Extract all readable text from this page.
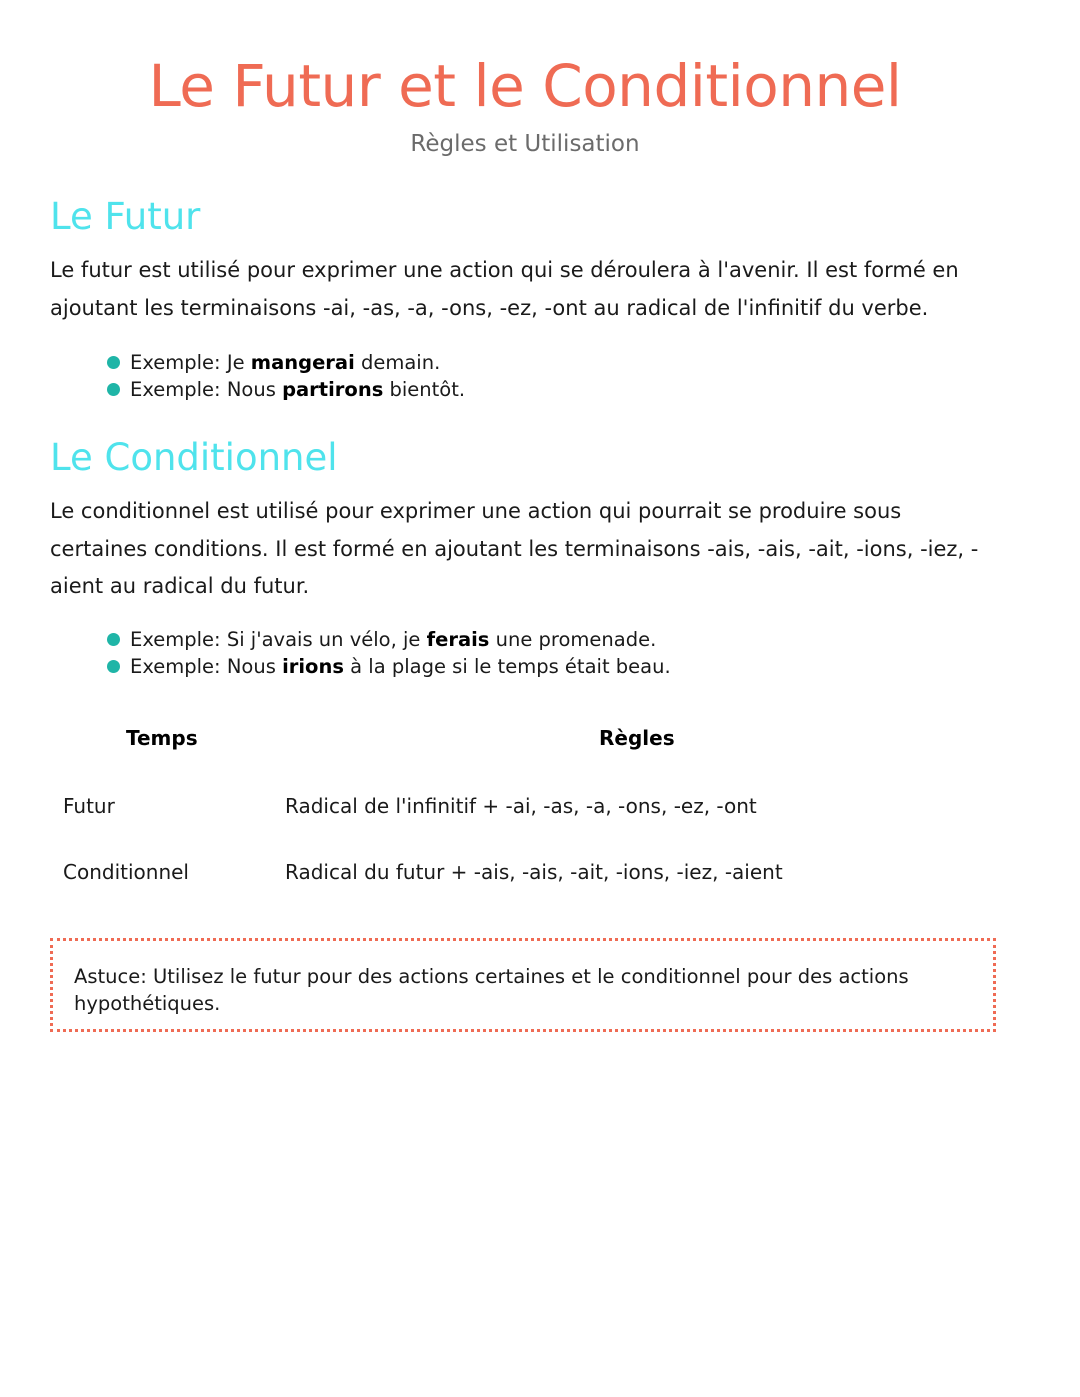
Le Futur et le Conditionnel

Règles et Utilisation

Le Futur

Le futur est utilisé pour exprimer une action qui se déroulera à l'avenir. Il est formé en ajoutant les terminaisons -ai, -as, -a, -ons, -ez, -ont au radical de l'infinitif du verbe.

Exemple: Je mangerai demain.
Exemple: Nous partirons bientôt.
Le Conditionnel

Le conditionnel est utilisé pour exprimer une action qui pourrait se produire sous certaines conditions. Il est formé en ajoutant les terminaisons -ais, -ais, -ait, -ions, -iez, -aient au radical du futur.

Exemple: Si j'avais un vélo, je ferais une promenade.
Exemple: Nous irions à la plage si le temps était beau.

Temps	Règles

Futur	Radical de l'infinitif + -ai, -as, -a, -ons, -ez, -ont

Conditionnel	Radical du futur + -ais, -ais, -ait, -ions, -iez, -aient

Astuce: Utilisez le futur pour des actions certaines et le conditionnel pour des actions hypothétiques.
